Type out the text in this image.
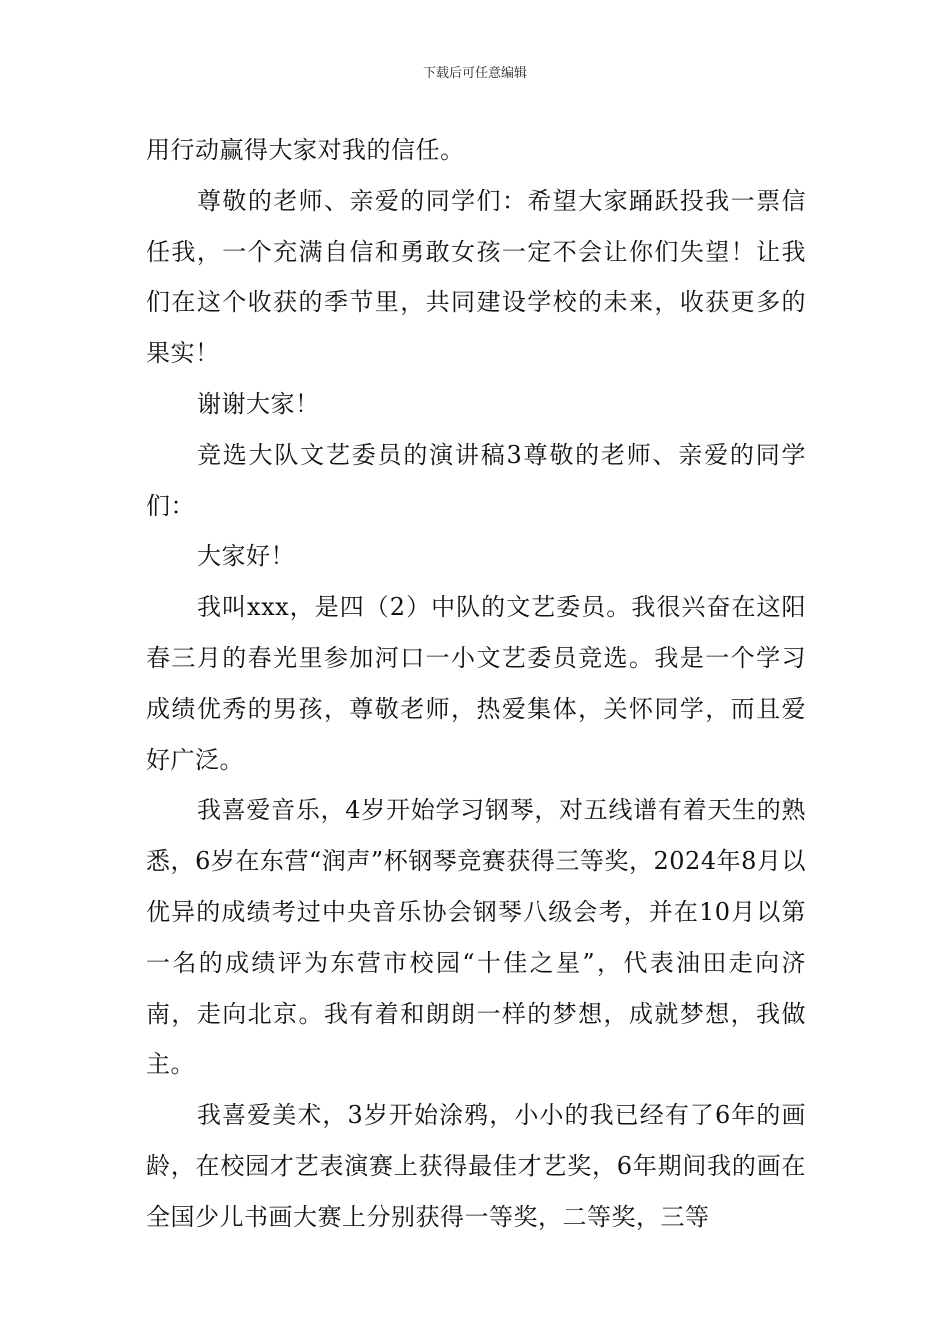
下载后可任意编辑

用行动赢得大家对我的信任。

尊敬的老师、亲爱的同学们：希望大家踊跃投我一票信任我，一个充满自信和勇敢女孩一定不会让你们失望！让我们在这个收获的季节里，共同建设学校的未来，收获更多的果实！

谢谢大家！

竞选大队文艺委员的演讲稿3尊敬的老师、亲爱的同学们：

大家好！

我叫xxx，是四（2）中队的文艺委员。我很兴奋在这阳春三月的春光里参加河口一小文艺委员竞选。我是一个学习成绩优秀的男孩，尊敬老师，热爱集体，关怀同学，而且爱好广泛。

我喜爱音乐，4岁开始学习钢琴，对五线谱有着天生的熟悉，6岁在东营“润声”杯钢琴竞赛获得三等奖，2024年8月以优异的成绩考过中央音乐协会钢琴八级会考，并在10月以第一名的成绩评为东营市校园“十佳之星”，代表油田走向济南，走向北京。我有着和朗朗一样的梦想，成就梦想，我做主。

我喜爱美术，3岁开始涂鸦，小小的我已经有了6年的画龄，在校园才艺表演赛上获得最佳才艺奖，6年期间我的画在全国少儿书画大赛上分别获得一等奖，二等奖，三等
